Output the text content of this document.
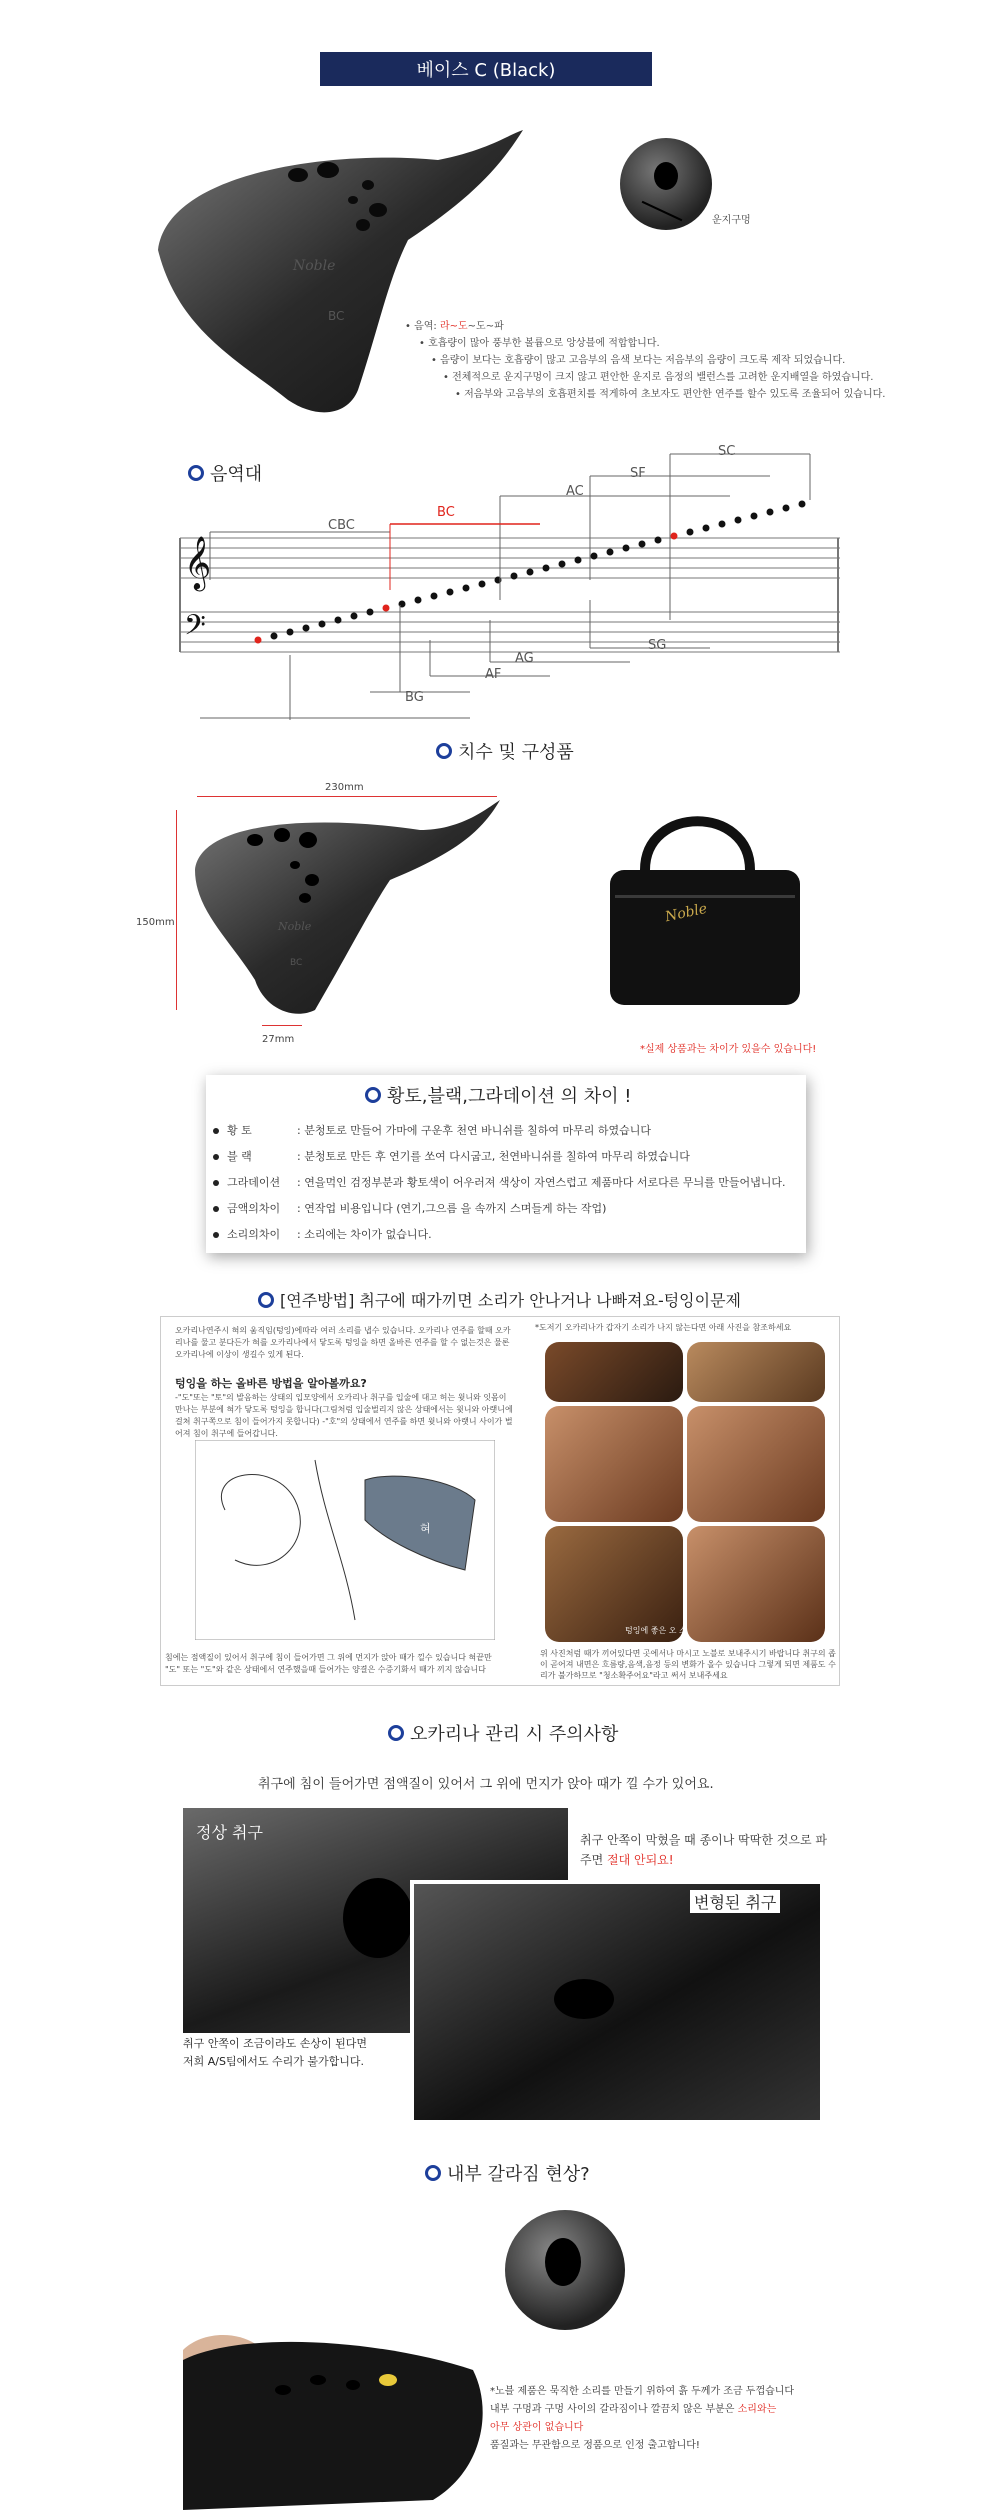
베이스 C (Black)
Noble
BC
운지구멍
• 음역: 라~도~도~파
• 호흡량이 많아 풍부한 볼륨으로 앙상블에 적합합니다.
• 음량이 보다는 호흡량이 많고 고음부의 음색 보다는 저음부의 음량이 크도록 제작 되었습니다.
• 전체적으로 운지구멍이 크지 않고 편안한 운지로 음정의 밸런스를 고려한 운지배열을 하였습니다.
• 저음부와 고음부의 호흡편치를 적게하여 초보자도 편안한 연주를 할수 있도록 조율되어 있습니다.
음역대
𝄞
𝄢
SC
SF
AC
BC
CBC
SG
AG
AF
BG
치수 및 구성품
230mm
150mm
27mm
Noble
BC
Noble
*실제 상품과는 차이가 있을수 있습니다!
황토,블랙,그라데이션 의 차이 !
황 토	: 분청토로 만들어 가마에 구운후 천연 바니쉬를 칠하여 마무리 하였습니다
블 랙	: 분청토로 만든 후 연기를 쏘여 다시굽고, 천연바니쉬를 칠하여 마무리 하였습니다
그라데이션 : 연을먹인 검정부분과 황토색이 어우러져 색상이 자연스럽고 제품마다 서로다른 무늬를 만들어냅니다.
금액의차이 : 연작업 비용입니다 (연기,그으름 을 속까지 스며들게 하는 작업)
소리의차이 : 소리에는 차이가 없습니다.
[연주방법] 취구에 때가끼면 소리가 안나거나 나빠져요-텅잉이문제
오카리나연주시 혀의 움직임(텅잉)에따라 여러 소리를 냅수 있습니다. 오카리나 연주를 할때 오카리나를 물고 분다든가 혀를 오카리나에서 닿도록 텅잉을 하면 올바른 연주를 할 수 없는것은 물론 오카리나에 이상이 생길수 있게 된다.
텅잉을 하는 올바른 방법을 알아볼까요?
-"도"또는 "토"의 발음하는 상태의 입모양에서 오카리나 취구를 입술에 대고 허는 윗니와 잇몸이 만나는 부분에 혀가 닿도록 텅잉을 합니다(그림처럼 입술벌리지 않은 상태에서는 윗니와 아랫니에 걸쳐 취구쪽으로 침이 들어가지 못합니다) -"호"의 상태에서 연주를 하면 윗니와 아랫니 사이가 벌어져 침이 취구에 들어갑니다.
혀
침에는 점액질이 있어서 취구에 침이 들어가면 그 위에 먼지가 앉아 때가 낄수 있습니다 혀끝만 "도" 또는 "도"와 같은 상태에서 연주했을때 들어가는 양결은 수증기화서 때가 끼지 않습니다
*도저기 오카리나가 갑자기 소리가 나지 않는다면 아래 사진을 참조하세요
텅잉에 좋은 오 스
위 사진처럼 때가 끼어있다면 곳에서나 마시고 노블로 보내주시기 바랍니다 취구의 좁이 곧어져 내면은 흐름량,음색,음정 등의 변화가 올수 있습니다 그렇게 되면 제품도 수리가 불가하므로 "청소확주어요"라고 써서 보내주세요
오카리나 관리 시 주의사항
취구에 침이 들어가면 점액질이 있어서 그 위에 먼지가 앉아 때가 낄 수가 있어요.
정상 취구	취구 안쪽이 막혔을 때 종이나 딱딱한 것으로 파주면 절대 안되요!
변형된 취구
취구 안쪽이 조금이라도 손상이 된다면
저희 A/S팀에서도 수리가 불가합니다.
내부 갈라짐 현상?
*노블 제품은 묵직한 소리를 만들기 위하여 흙 두께가 조금 두껍습니다
내부 구멍과 구멍 사이의 갈라짐이나 깔끔치 않은 부분은 소리와는
아무 상관이 없습니다
품질과는 무관함으로 정품으로 인정 출고합니다!
